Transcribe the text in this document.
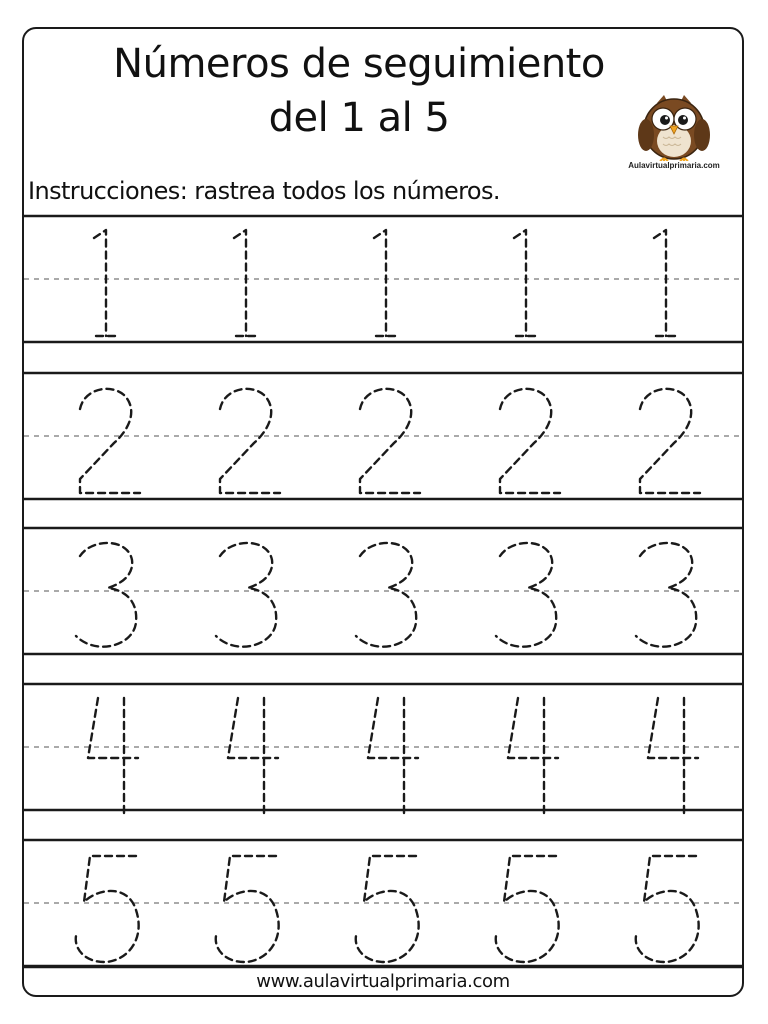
Números de seguimiento
del 1 al 5
Aulavirtualprimaria.com

Instrucciones: rastrea todos los números.

www.aulavirtualprimaria.com
